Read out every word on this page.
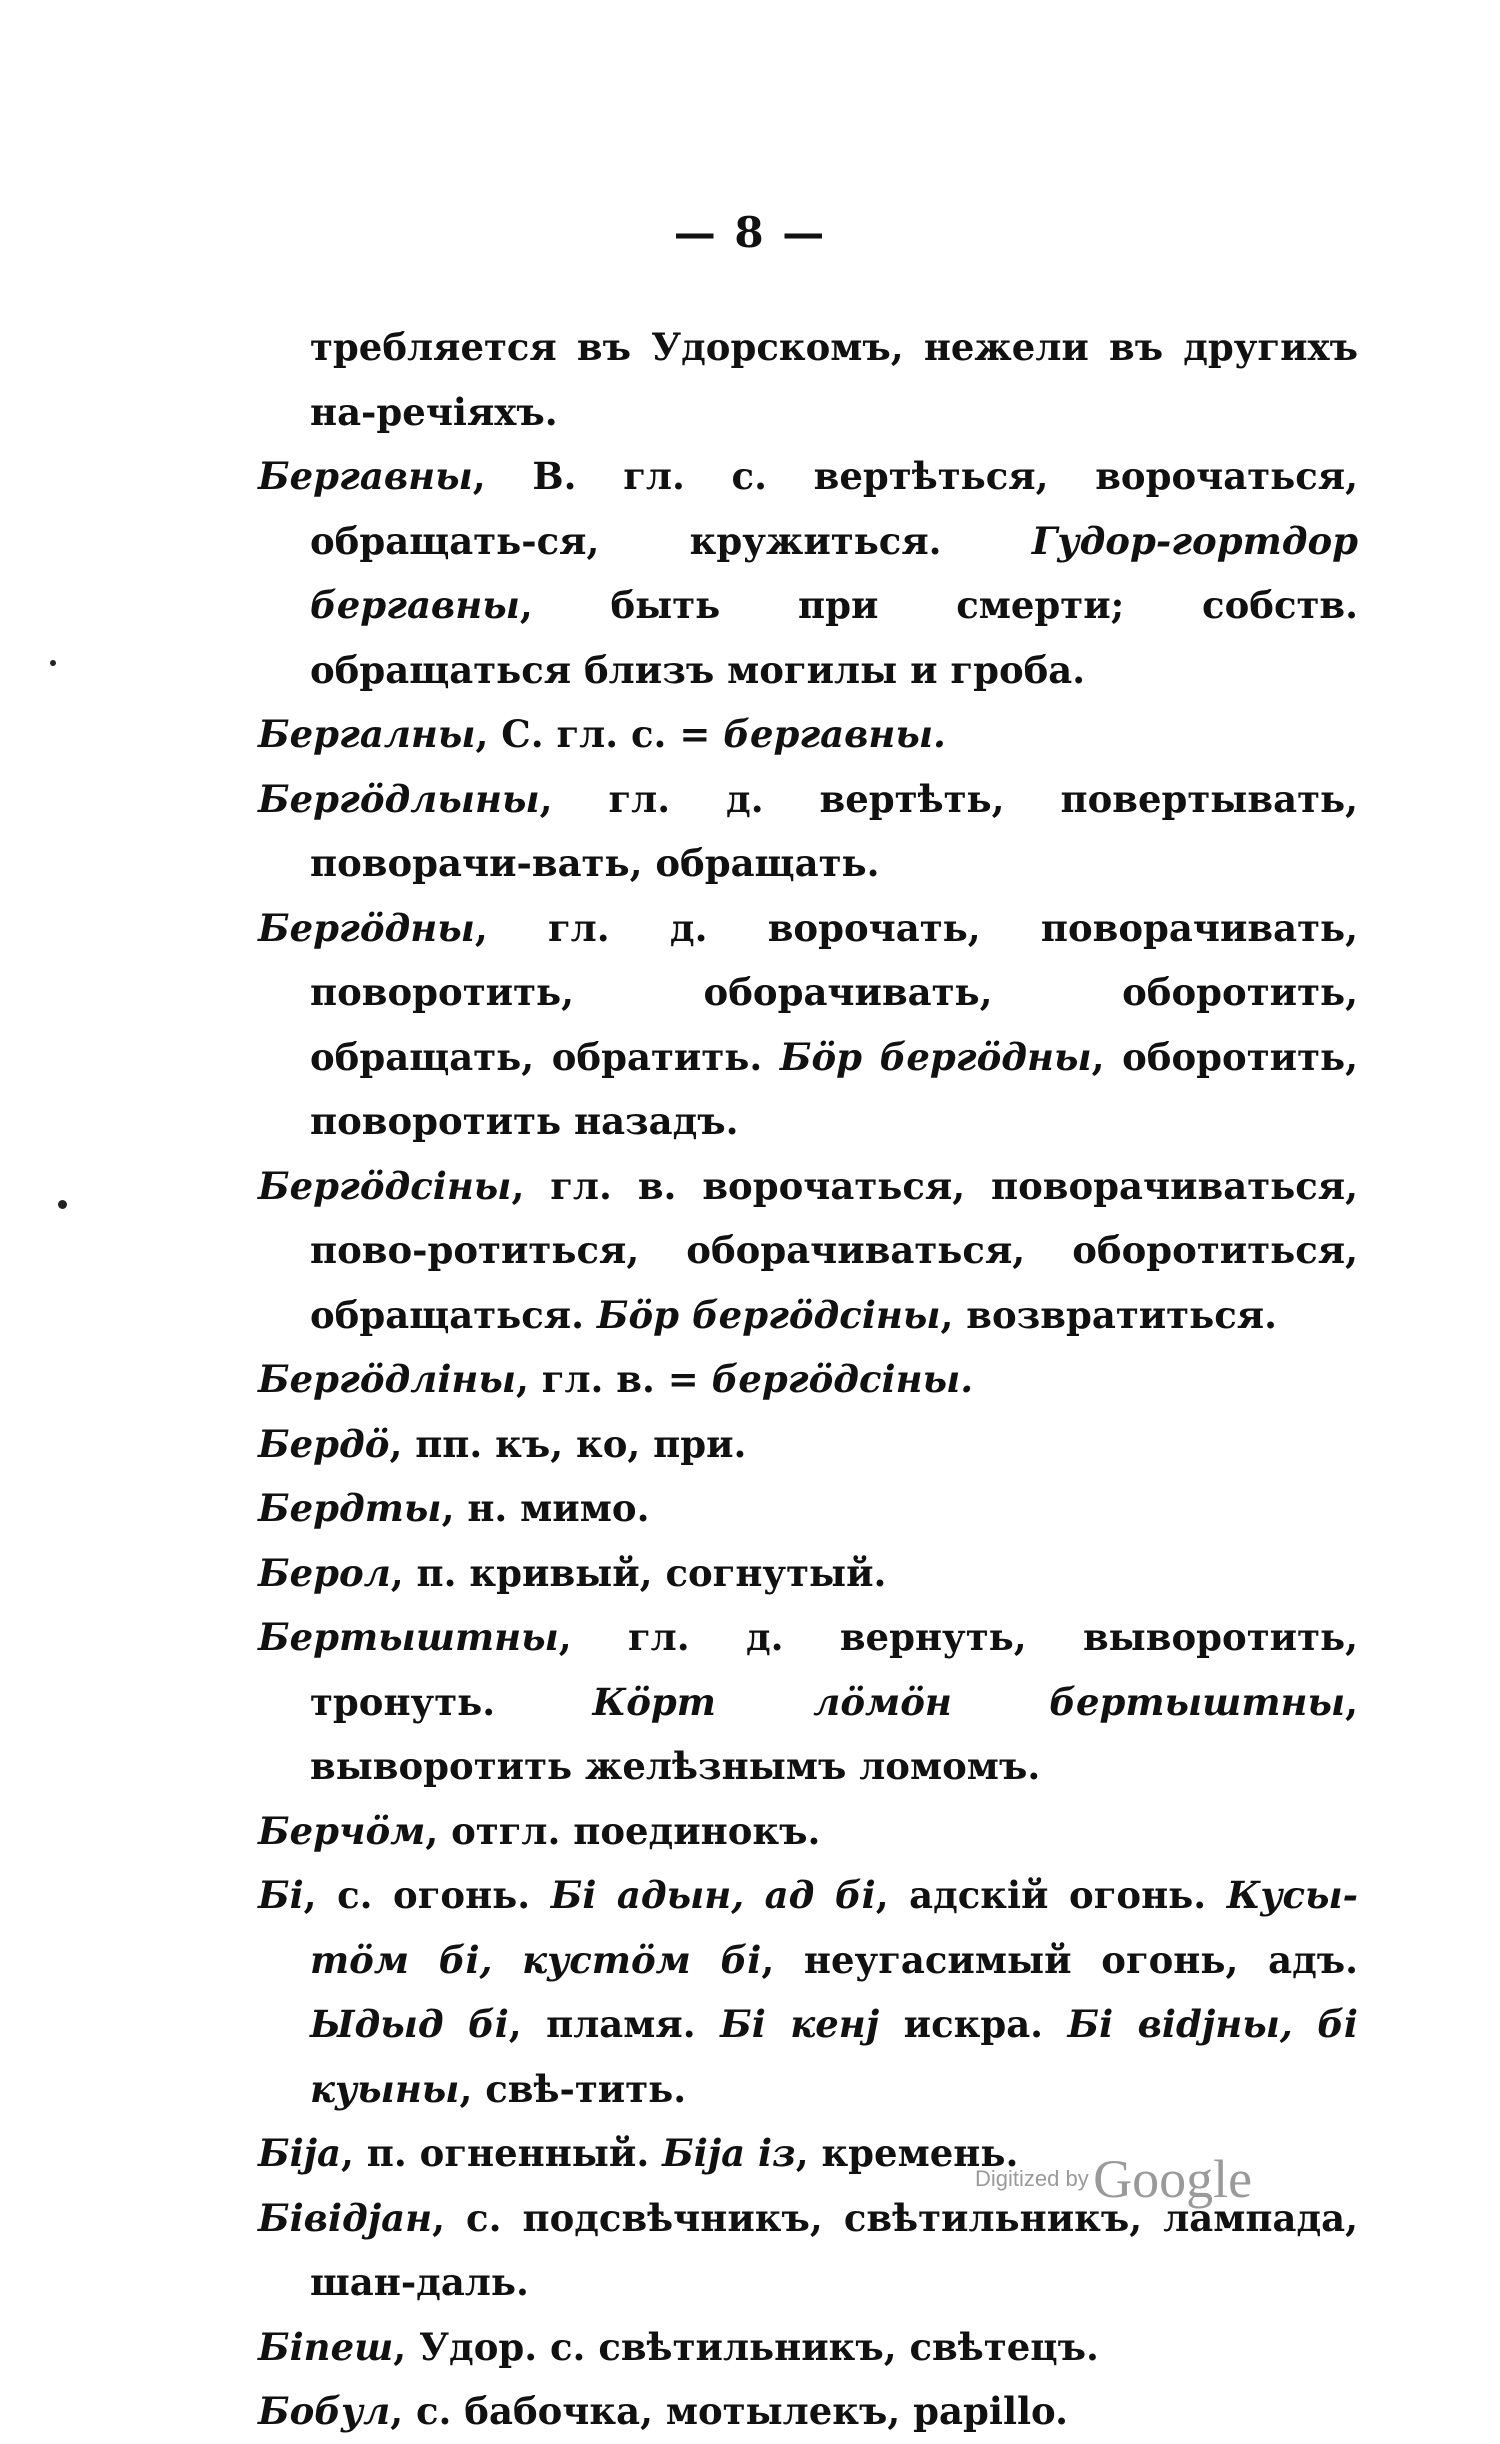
— 8 —

требляется въ Удорскомъ, нежели въ другихъ на-речіяхъ.

Бергавны, В. гл. с. вертѣться, ворочаться, обращать-ся, кружиться. Гудор-гортдор бергавны, быть при смерти; собств. обращаться близъ могилы и гроба.

Бергалны, С. гл. с. = бергавны.

Бергöдлыны, гл. д. вертѣть, повертывать, поворачи-вать, обращать.

Бергöдны, гл. д. ворочать, поворачивать, поворотить, оборачивать, оборотить, обращать, обратить. Бöр бергöдны, оборотить, поворотить назадъ.

Бергöдсіны, гл. в. ворочаться, поворачиваться, пово-ротиться, оборачиваться, оборотиться, обращаться. Бöр бергöдсіны, возвратиться.

Бергöдліны, гл. в. = бергöдсіны.

Бердö, пп. къ, ко, при.

Бердты, н. мимо.

Берол, п. кривый, согнутый.

Бертыштны, гл. д. вернуть, выворотить, тронуть. Кöрт лöмöн бертыштны, выворотить желѣзнымъ ломомъ.

Берчöм, отгл. поединокъ.

Бі, с. огонь. Бі адын, ад бі, адскій огонь. Кусы-тöм бі, кустöм бі, неугасимый огонь, адъ. Ыдыд бі, пламя. Бі кенј искра. Бі віdјны, бі куыны, свѣ-тить.

Біја, п. огненный. Біја із, кремень.

Бівiдјан, с. подсвѣчникъ, свѣтильникъ, лампада, шан-даль.

Біпеш, Удор. с. свѣтильникъ, свѣтецъ.

Бобул, с. бабочка, мотылекъ, papillo.

Digitized by Google
